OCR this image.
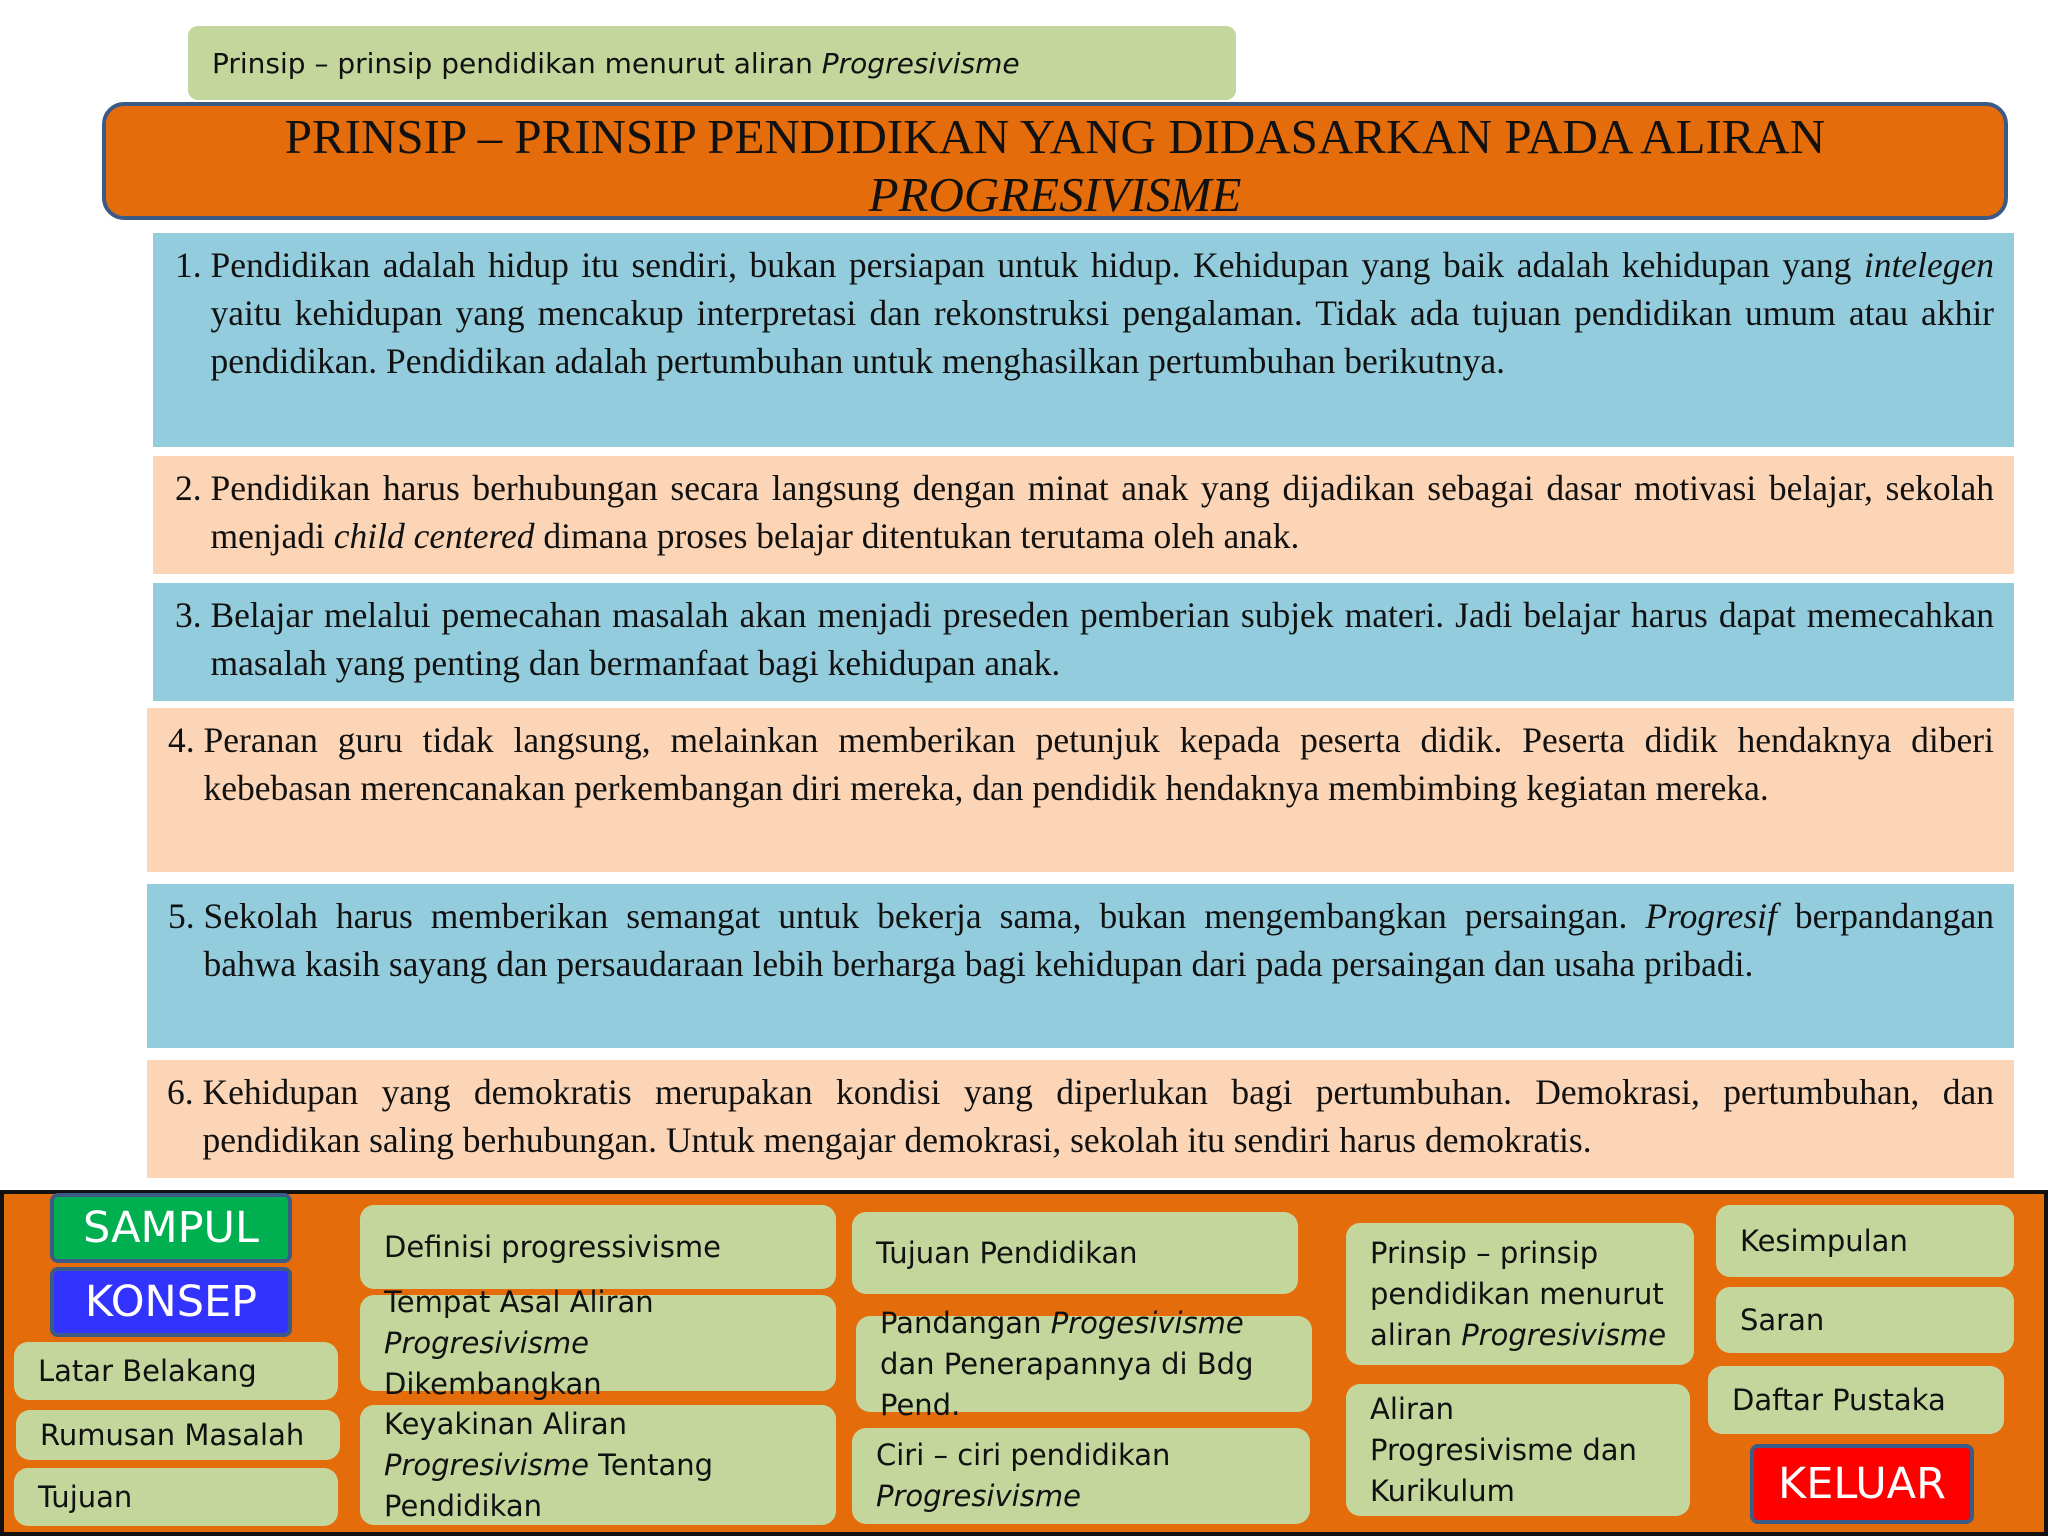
Prinsip – prinsip pendidikan menurut aliran Progresivisme
PRINSIP – PRINSIP PENDIDIKAN YANG DIDASARKAN PADA ALIRAN
PROGRESIVISME
1. Pendidikan adalah hidup itu sendiri, bukan persiapan untuk hidup. Kehidupan yang baik adalah kehidupan yang intelegen yaitu kehidupan yang mencakup interpretasi dan rekonstruksi pengalaman. Tidak ada tujuan pendidikan umum atau akhir pendidikan. Pendidikan adalah pertumbuhan untuk menghasilkan pertumbuhan berikutnya.
2. Pendidikan harus berhubungan secara langsung dengan minat anak yang dijadikan sebagai dasar motivasi belajar, sekolah menjadi child centered dimana proses belajar ditentukan terutama oleh anak.
3. Belajar melalui pemecahan masalah akan menjadi preseden pemberian subjek materi. Jadi belajar harus dapat memecahkan masalah yang penting dan bermanfaat bagi kehidupan anak.
4. Peranan guru tidak langsung, melainkan memberikan petunjuk kepada peserta didik. Peserta didik hendaknya diberi kebebasan merencanakan perkembangan diri mereka, dan pendidik hendaknya membimbing kegiatan mereka.
5. Sekolah harus memberikan semangat untuk bekerja sama, bukan mengembangkan persaingan. Progresif berpandangan bahwa kasih sayang dan persaudaraan lebih berharga bagi kehidupan dari pada persaingan dan usaha pribadi.
6. Kehidupan yang demokratis merupakan kondisi yang diperlukan bagi pertumbuhan. Demokrasi, pertumbuhan, dan pendidikan saling berhubungan. Untuk mengajar demokrasi, sekolah itu sendiri harus demokratis.
SAMPUL
KONSEP
Latar Belakang
Rumusan Masalah
Tujuan
Definisi progressivisme
Tempat Asal Aliran Progresivisme Dikembangkan
Keyakinan Aliran Progresivisme Tentang Pendidikan
Tujuan Pendidikan
Pandangan Progesivisme dan Penerapannya di Bdg Pend.
Ciri – ciri pendidikan Progresivisme
Prinsip – prinsip pendidikan menurut aliran Progresivisme
Aliran Progresivisme dan Kurikulum
Kesimpulan
Saran
Daftar Pustaka
KELUAR
